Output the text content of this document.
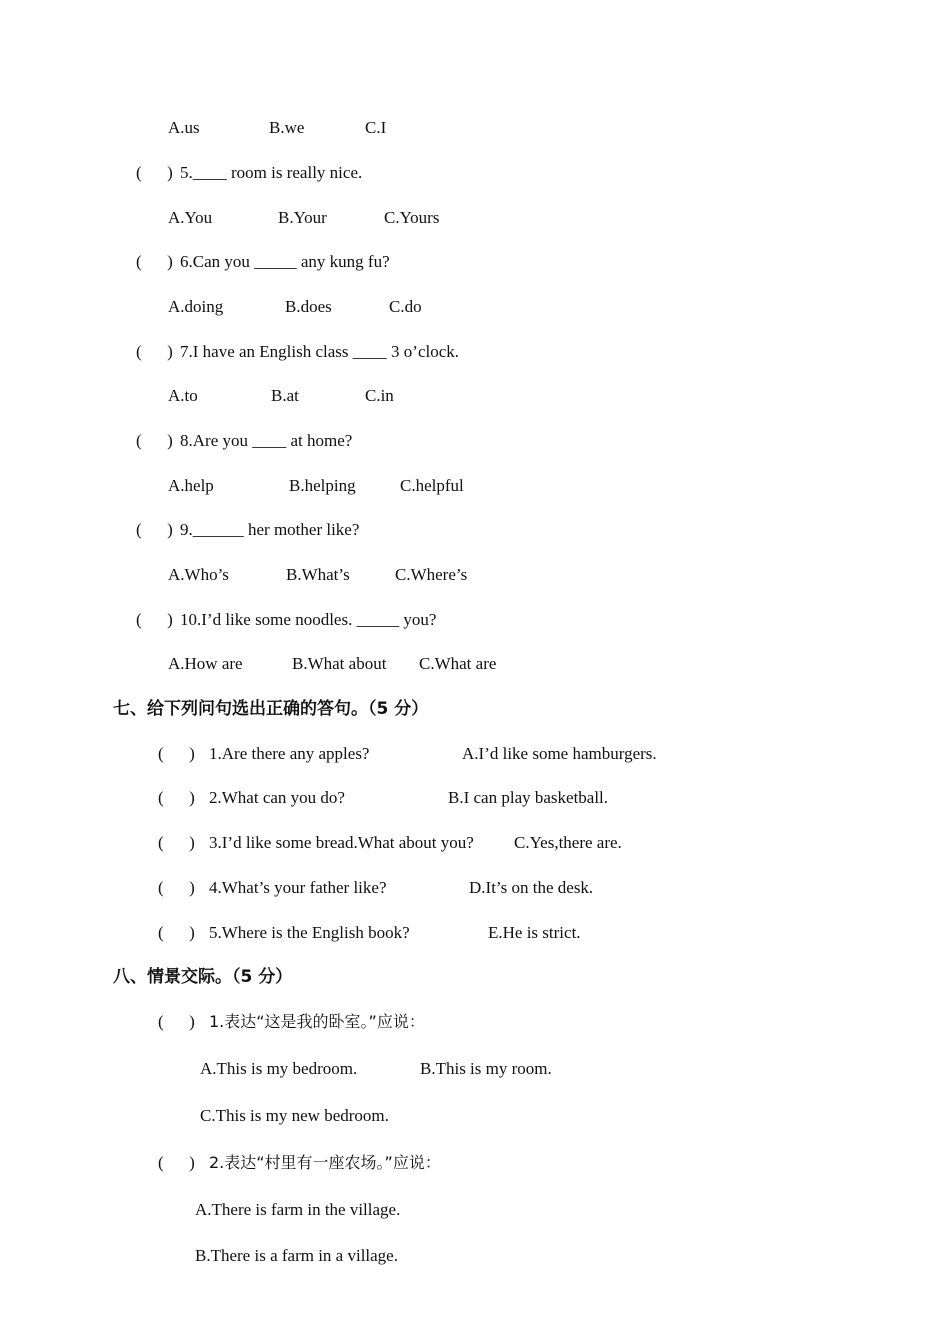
A.us	B.we	C.I
(      ) 5.____ room is really nice.
A.You	B.Your	C.Yours
(      ) 6.Can you _____ any kung fu?
A.doing	B.does	C.do
(      ) 7.I have an English class ____ 3 o’clock.
A.to	B.at	C.in
(      ) 8.Are you ____ at home?
A.help	B.helping	C.helpful
(      ) 9.______ her mother like?
A.Who’s	B.What’s	C.Where’s
(      ) 10.I’d like some noodles. _____ you?
A.How are	B.What about C.What are
七、给下列问句选出正确的答句。（5 分）
(      ) 1.Are there any apples?	A.I’d like some hamburgers.
(      ) 2.What can you do?	B.I can play basketball.
(      ) 3.I’d like some bread.What about you? C.Yes,there are.
(      ) 4.What’s your father like?	D.It’s on the desk.
(      ) 5.Where is the English book?	E.He is strict.
八、情景交际。（5 分）
(      ) 1.表达“这是我的卧室。”应说：
A.This is my bedroom.	B.This is my room.
C.This is my new bedroom.
(      ) 2.表达“村里有一座农场。”应说：
A.There is farm in the village.
B.There is a farm in a village.
